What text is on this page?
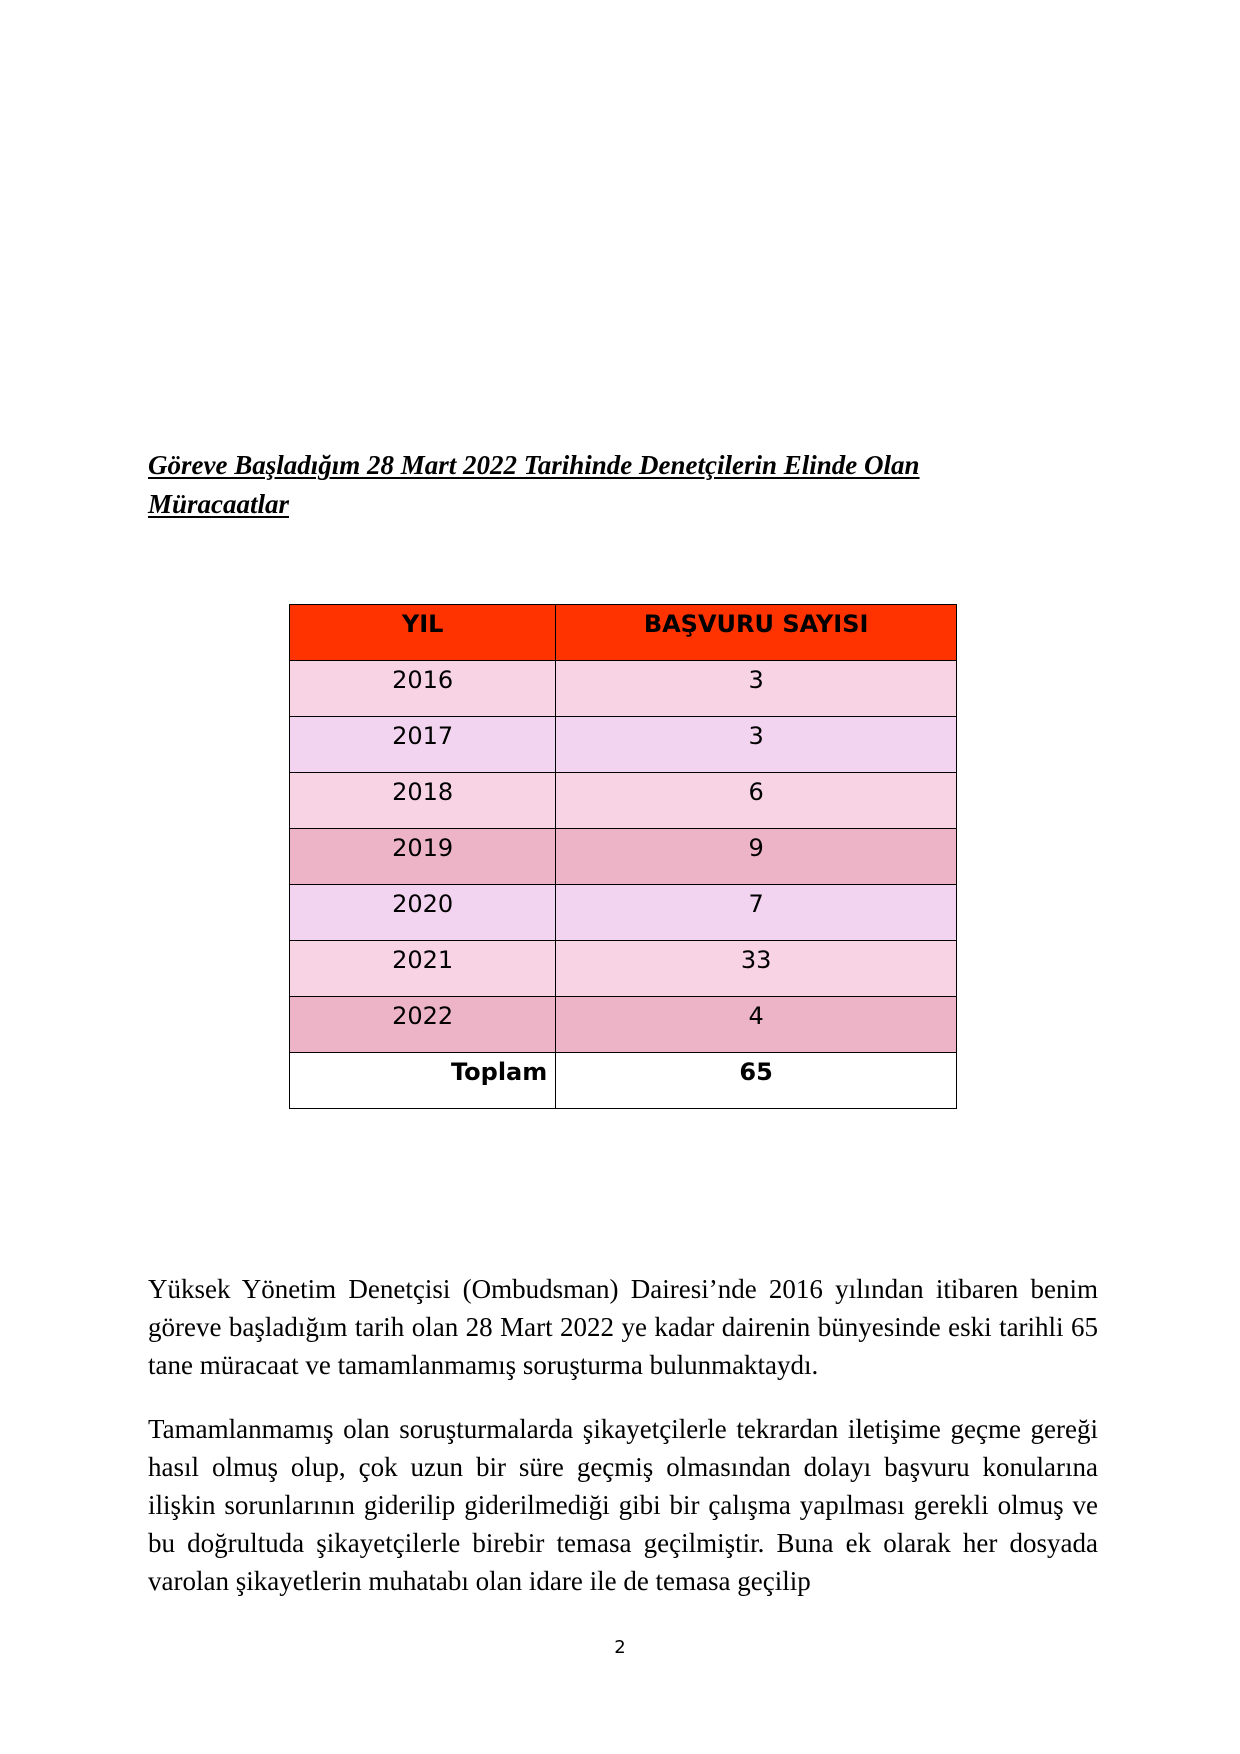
Göreve Başladığım 28 Mart 2022 Tarihinde Denetçilerin Elinde Olan
Müracaatlar
YIL	BAŞVURU SAYISI
2016	3
2017	3
2018	6
2019	9
2020	7
2021	33
2022	4
Toplam	65

Yüksek Yönetim Denetçisi (Ombudsman) Dairesi’nde 2016 yılından itibaren benim göreve başladığım tarih olan 28 Mart 2022 ye kadar dairenin bünyesinde eski tarihli 65 tane müracaat ve tamamlanmamış soruşturma bulunmaktaydı.

Tamamlanmamış olan soruşturmalarda şikayetçilerle tekrardan iletişime geçme gereği hasıl olmuş olup, çok uzun bir süre geçmiş olmasından dolayı başvuru konularına ilişkin sorunlarının giderilip giderilmediği gibi bir çalışma yapılması gerekli olmuş ve bu doğrultuda şikayetçilerle birebir temasa geçilmiştir. Buna ek olarak her dosyada varolan şikayetlerin muhatabı olan idare ile de temasa geçilip

2
